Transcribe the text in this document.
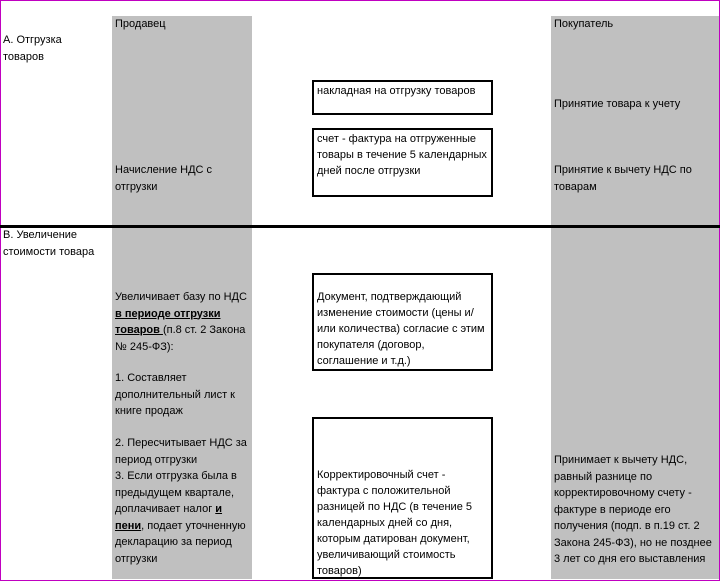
Продавец	Покупатель
А. Отгрузка товаров
накладная на отгрузку товаров
счет - фактура на отгруженные товары в течение 5 календарных дней после отгрузки
Начисление НДС с отгрузки
Принятие товара к учету
Принятие к вычету НДС по товарам
В. Увеличение стоимости товара
Увеличивает базу по НДС в периоде отгрузки товаров (п.8 ст. 2 Закона № 245-ФЗ):
1. Составляет дополнительный лист к книге продаж
2. Пересчитывает НДС за период отгрузки
3. Если отгрузка была в предыдущем квартале, доплачивает налог и пени, подает уточненную декларацию за период отгрузки
Документ, подтверждающий изменение стоимости (цены и/или количества) согласие с этим покупателя (договор, соглашение и т.д.)
Корректировочный счет - фактура с положительной разницей по НДС (в течение 5 календарных дней со дня, которым датирован документ, увеличивающий стоимость товаров)
Принимает к вычету НДС, равный разнице по корректировочному счету - фактуре в периоде его получения (подп. в п.19 ст. 2 Закона 245-ФЗ), но не позднее 3 лет со дня его выставления
